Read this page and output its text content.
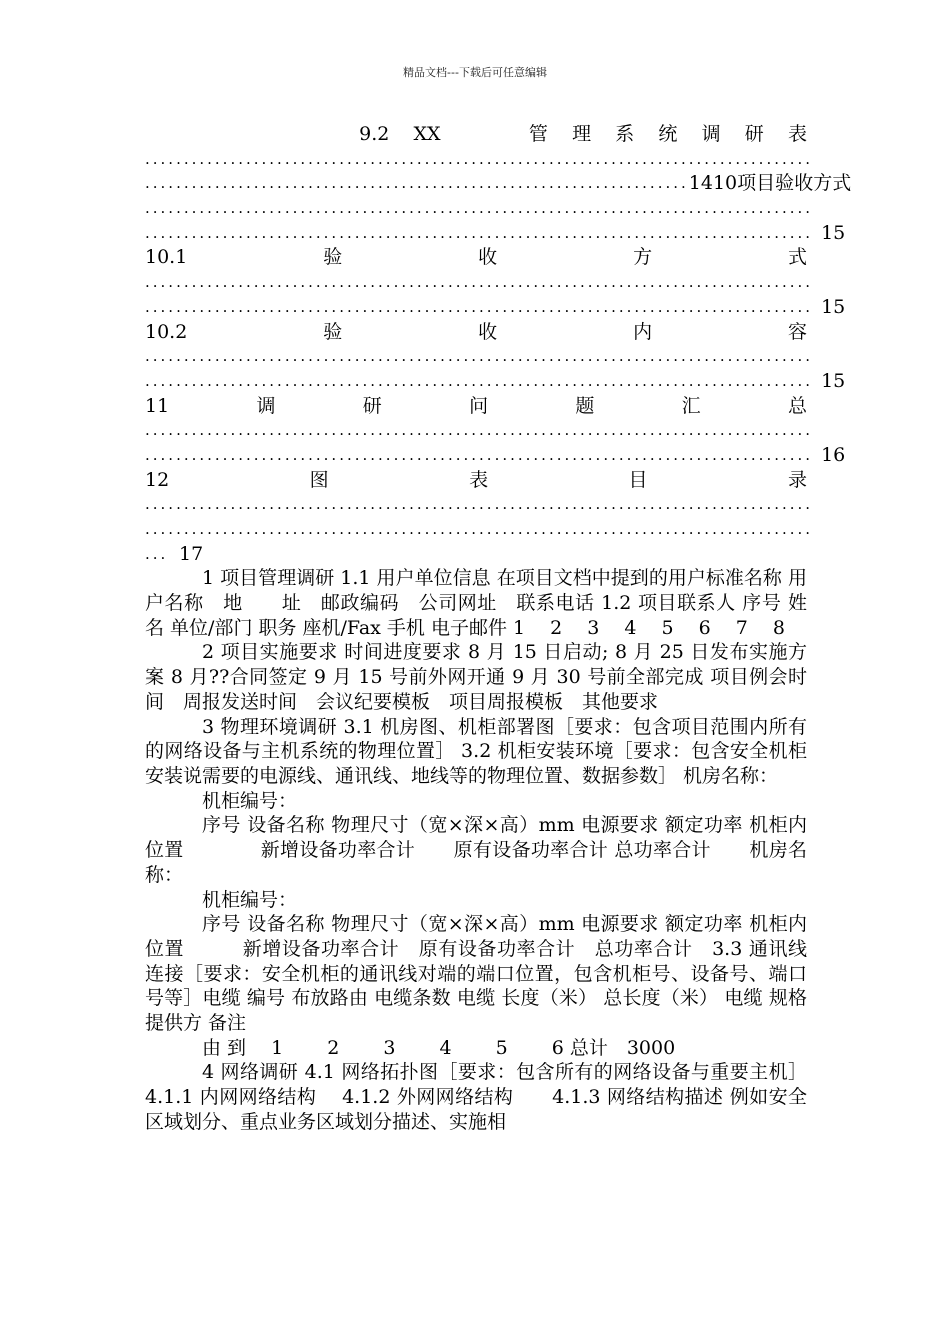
精品文档---下载后可任意编辑
9.2 XX	管 理 系 统 调 研 表
......................................................................................
...................................................................... 14 10 项 目 验 收 方 式
......................................................................................
...................................................................................... 15
10.1	验	收	方	式
......................................................................................
...................................................................................... 15
10.2	验	收	内	容
......................................................................................
...................................................................................... 15
11	调	研	问	题	汇	总
......................................................................................
...................................................................................... 16
12	图	表	目	录
......................................................................................
......................................................................................
... 17

1 项目管理调研 1.1 用户单位信息 在项目文档中提到的用户标准名称 用户名称　地　　址　邮政编码　公司网址　联系电话 1.2 项目联系人 序号 姓名 单位/部门 职务 座机/Fax 手机 电子邮件 1　 2　 3　 4　 5　 6　 7　 8

2 项目实施要求 时间进度要求 8 月 15 日启动; 8 月 25 日发布实施方案 8 月??合同签定 9 月 15 号前外网开通 9 月 30 号前全部完成 项目例会时间　周报发送时间　会议纪要模板　项目周报模板　其他要求

3 物理环境调研 3.1 机房图、机柜部署图［要求：包含项目范围内所有的网络设备与主机系统的物理位置］ 3.2 机柜安装环境［要求：包含安全机柜安装说需要的电源线、通讯线、地线等的物理位置、数据参数］ 机房名称：

机柜编号：

序号 设备名称 物理尺寸（宽×深×高）mm 电源要求 额定功率 机柜内位置　　　　新增设备功率合计　　原有设备功率合计 总功率合计　　机房名称：

机柜编号：

序号 设备名称 物理尺寸（宽×深×高）mm 电源要求 额定功率 机柜内位置　　　新增设备功率合计　原有设备功率合计　总功率合计　3.3 通讯线连接［要求：安全机柜的通讯线对端的端口位置，包含机柜号、设备号、端口号等］电缆 编号 布放路由 电缆条数 电缆 长度（米） 总长度（米） 电缆 规格 提供方 备注

由 到　 1　　 2　　 3　　 4　　 5　　 6 总计　3000

4 网络调研 4.1 网络拓扑图［要求：包含所有的网络设备与重要主机］4.1.1 内网网络结构　 4.1.2 外网网络结构　　4.1.3 网络结构描述 例如安全区域划分、重点业务区域划分描述、实施相
